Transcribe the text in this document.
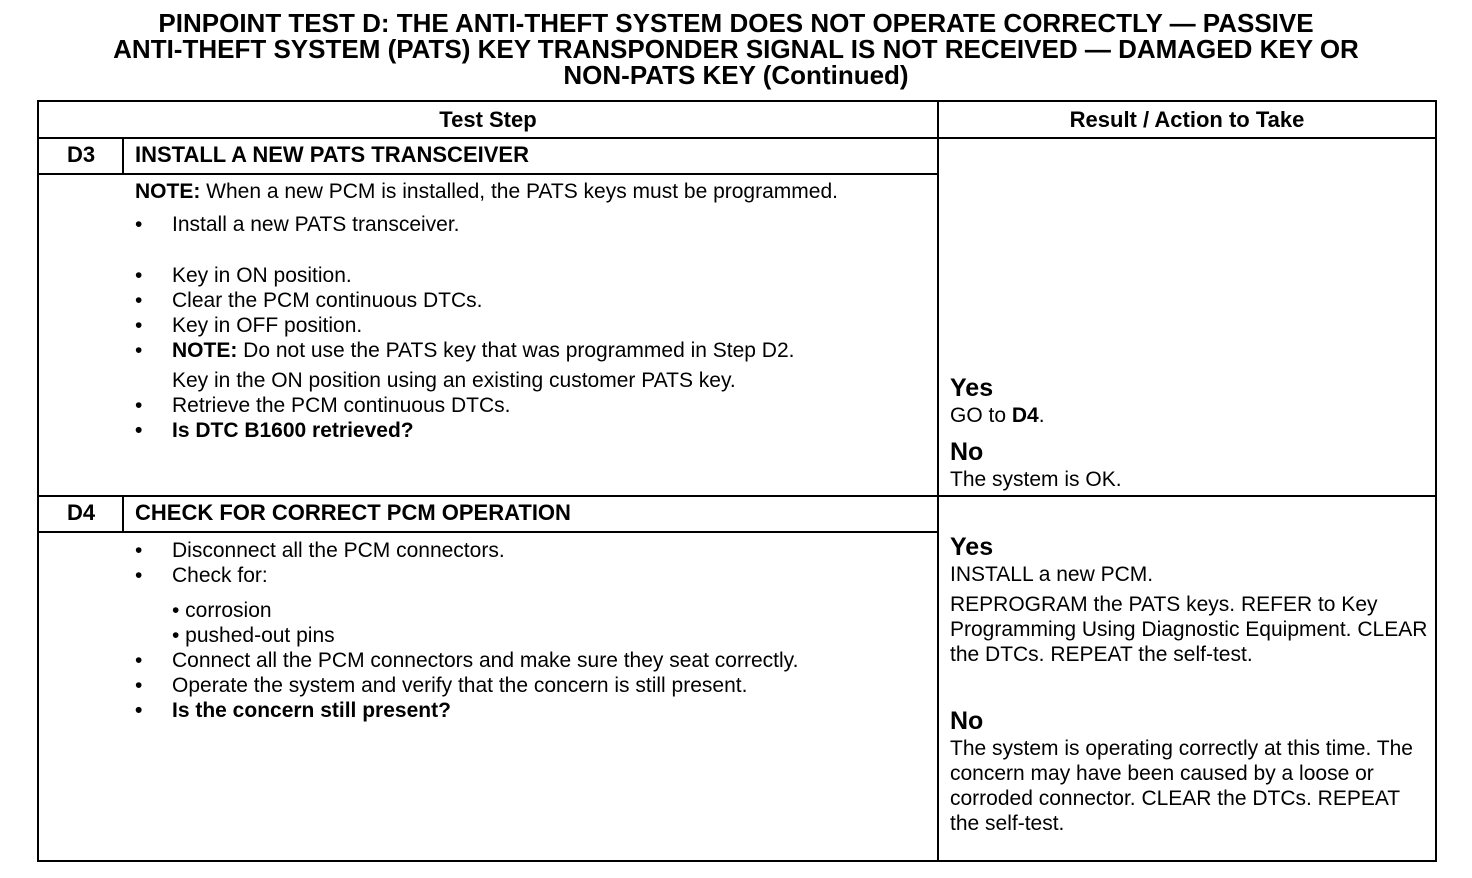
PINPOINT TEST D: THE ANTI-THEFT SYSTEM DOES NOT OPERATE CORRECTLY — PASSIVE
ANTI-THEFT SYSTEM (PATS) KEY TRANSPONDER SIGNAL IS NOT RECEIVED — DAMAGED KEY OR
NON-PATS KEY (Continued)
Test Step	Result / Action to Take
D3	INSTALL A NEW PATS TRANSCEIVER
NOTE: When a new PCM is installed, the PATS keys must be programmed.
• Install a new PATS transceiver.
• Key in ON position.
• Clear the PCM continuous DTCs.
• Key in OFF position.
• NOTE: Do not use the PATS key that was programmed in Step D2.
Key in the ON position using an existing customer PATS key.
• Retrieve the PCM continuous DTCs.
• Is DTC B1600 retrieved?
Yes
GO to D4.
No
The system is OK.
D4	CHECK FOR CORRECT PCM OPERATION
• Disconnect all the PCM connectors.
• Check for:
• corrosion
• pushed-out pins
• Connect all the PCM connectors and make sure they seat correctly.
• Operate the system and verify that the concern is still present.
• Is the concern still present?
Yes
INSTALL a new PCM.
REPROGRAM the PATS keys. REFER to Key Programming Using Diagnostic Equipment. CLEAR the DTCs. REPEAT the self-test.
No
The system is operating correctly at this time. The concern may have been caused by a loose or corroded connector. CLEAR the DTCs. REPEAT the self-test.
